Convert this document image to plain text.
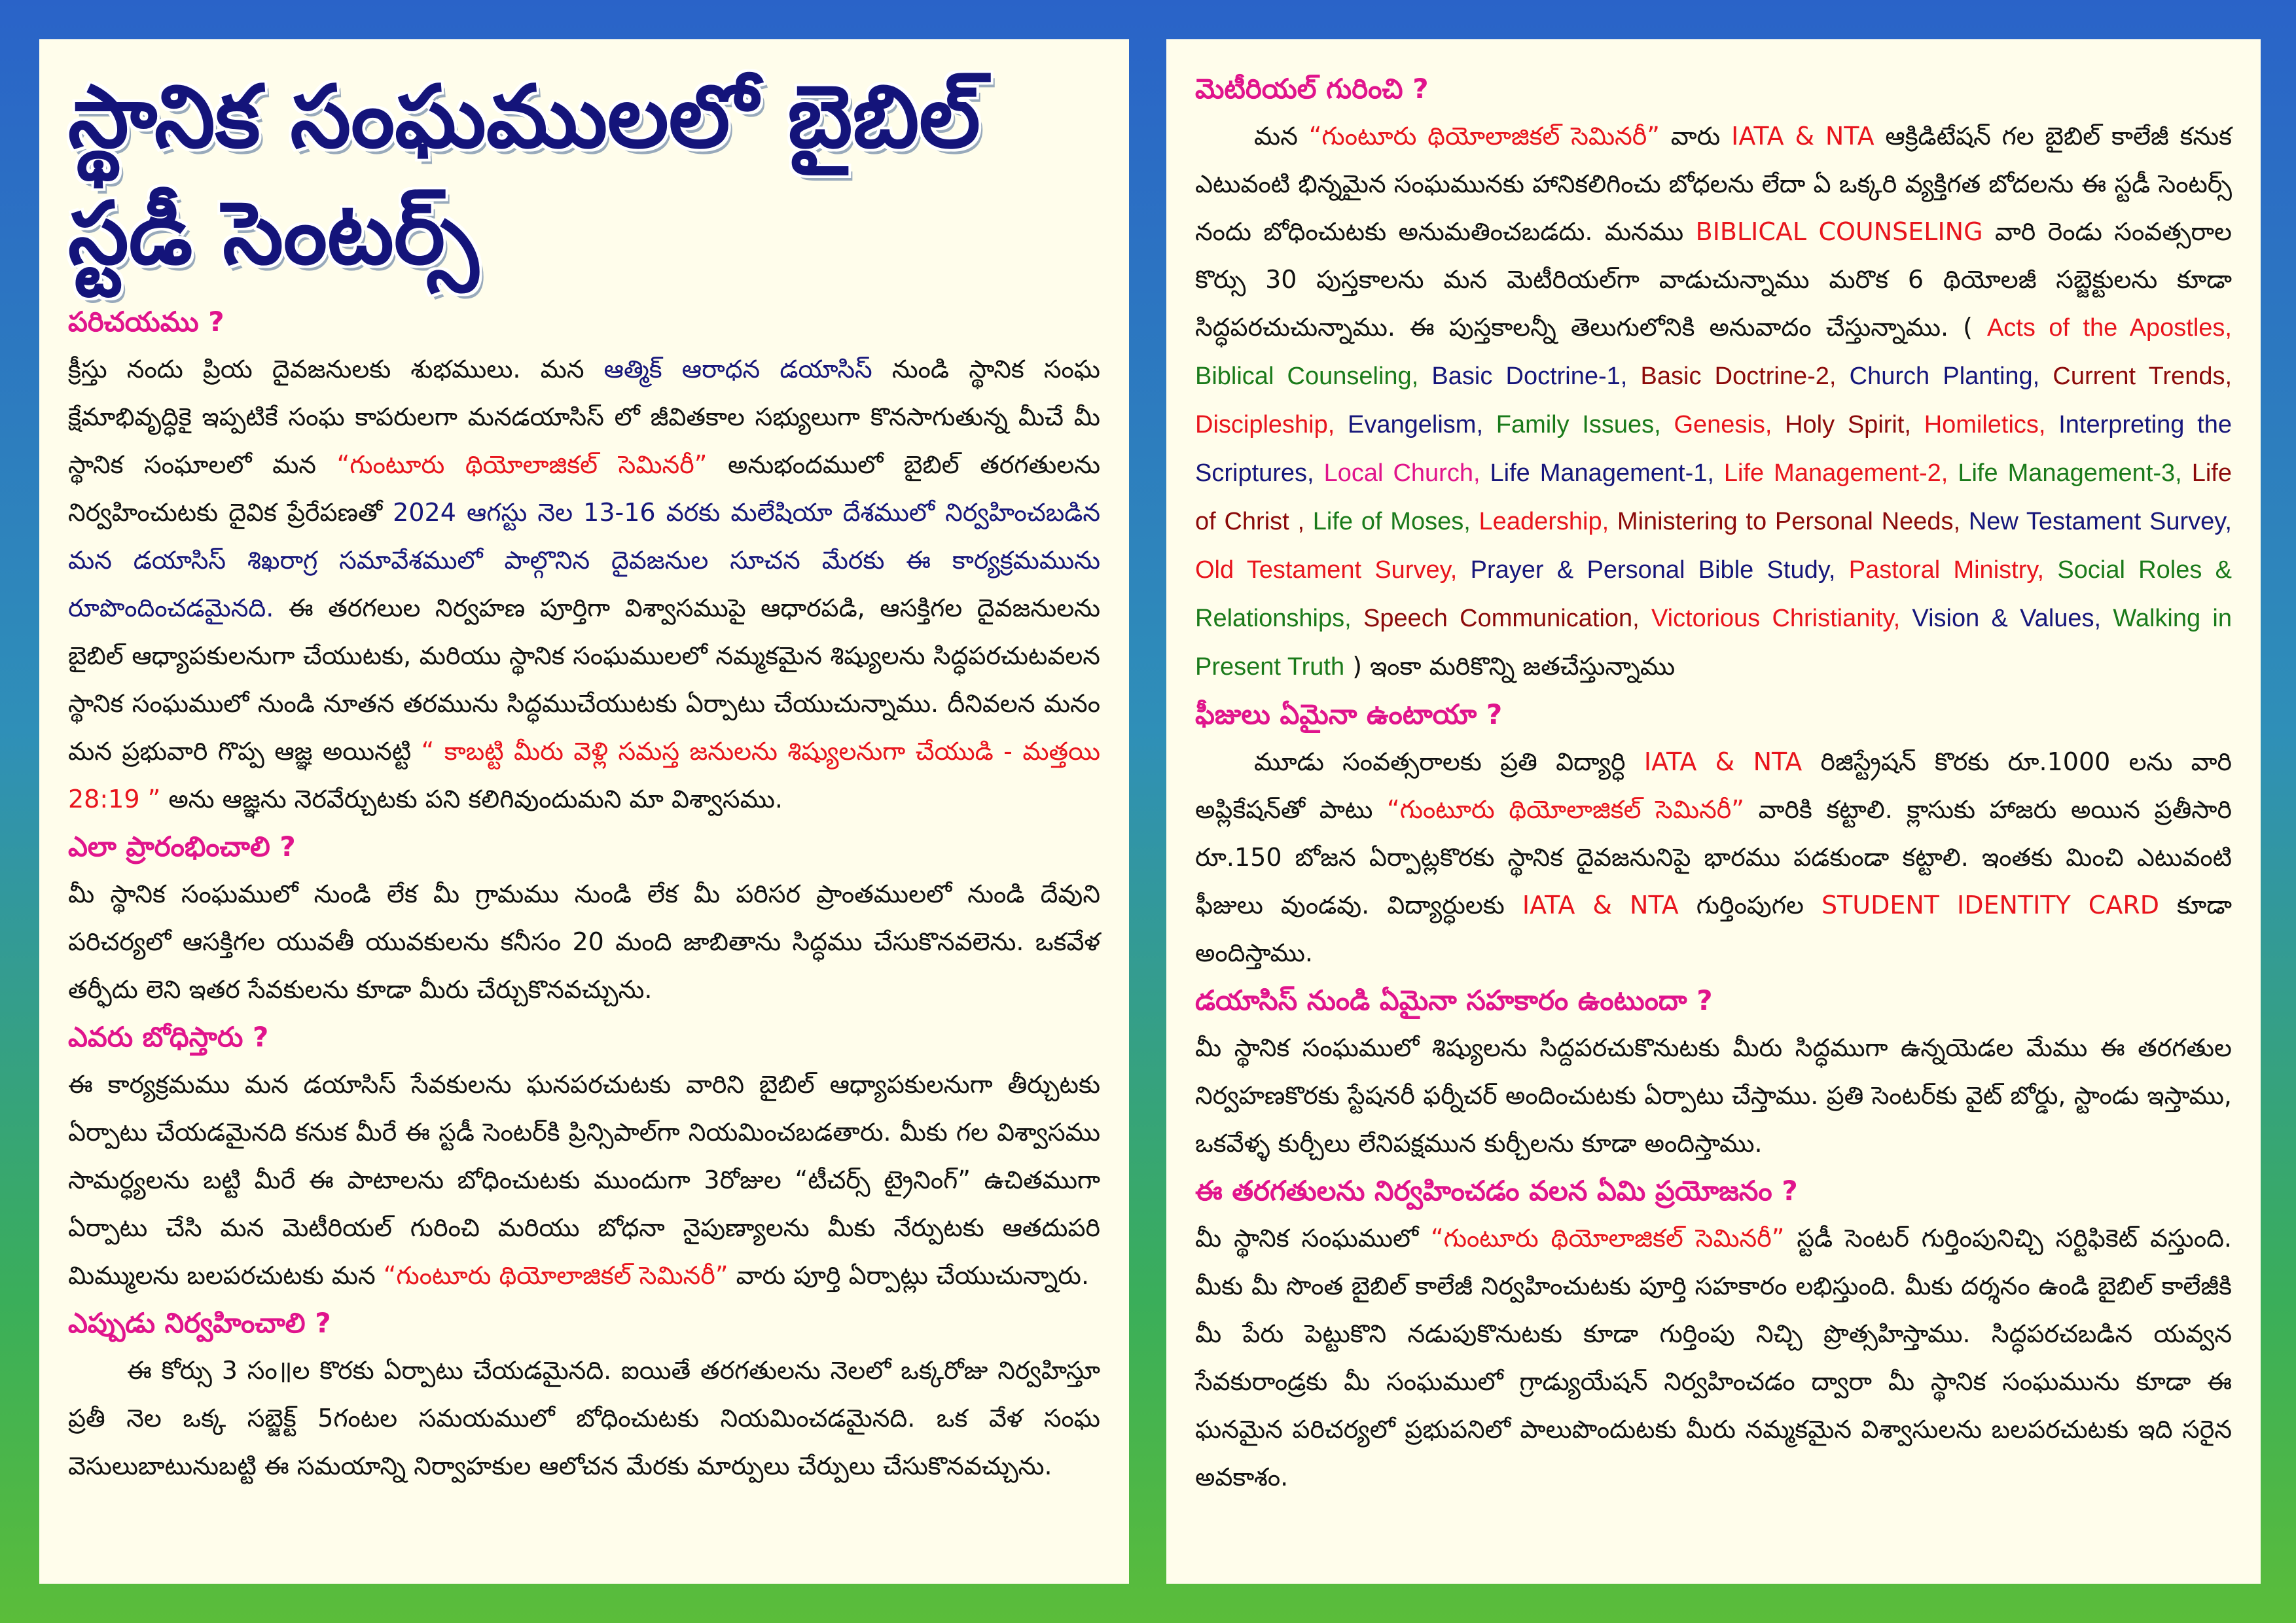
స్థానిక సంఘములలో బైబిల్ స్టడీ సెంటర్స్
పరిచయము ?
క్రీస్తు నందు ప్రియ దైవజనులకు శుభములు. మన ఆత్మిక్ ఆరాధన డయాసిస్ నుండి స్థానిక సంఘ క్షేమాభివృద్ధికై ఇప్పటికే సంఘ కాపరులగా మనడయాసిస్ లో జీవితకాల సభ్యులుగా కొనసాగుతున్న మీచే మీ స్థానిక సంఘాలలో మన “గుంటూరు థియోలాజికల్ సెమినరీ” అనుభందములో బైబిల్ తరగతులను నిర్వహించుటకు దైవిక ప్రేరేపణతో 2024 ఆగస్టు నెల 13-16 వరకు మలేషియా దేశములో నిర్వహించబడిన మన డయాసిస్ శిఖరాగ్ర సమావేశములో పాల్గొనిన దైవజనుల సూచన మేరకు ఈ కార్యక్రమమును రూపొందించడమైనది. ఈ తరగలుల నిర్వహణ పూర్తిగా విశ్వాసముపై ఆధారపడి, ఆసక్తిగల దైవజనులను బైబిల్ ఆధ్యాపకులనుగా చేయుటకు, మరియు స్థానిక సంఘములలో నమ్మకమైన శిష్యులను సిద్ధపరచుటవలన స్థానిక సంఘములో నుండి నూతన తరమును సిద్ధముచేయుటకు ఏర్పాటు చేయుచున్నాము. దీనివలన మనం మన ప్రభువారి గొప్ప ఆజ్ఞ అయినట్టి “ కాబట్టి మీరు వెళ్లి సమస్త జనులను శిష్యులనుగా చేయుడి - మత్తయి 28:19 ” అను ఆజ్ఞను నెరవేర్చుటకు పని కలిగివుందుమని మా విశ్వాసము.
ఎలా ప్రారంభించాలి ?
మీ స్థానిక సంఘములో నుండి లేక మీ గ్రామము నుండి లేక మీ పరిసర ప్రాంతములలో నుండి దేవుని పరిచర్యలో ఆసక్తిగల యువతీ యువకులను కనీసం 20 మంది జాబితాను సిద్ధము చేసుకొనవలెను. ఒకవేళ తర్ఫీదు లెని ఇతర సేవకులను కూడా మీరు చేర్చుకొనవచ్చును.
ఎవరు బోధిస్తారు ?
ఈ కార్యక్రమము మన డయాసిస్ సేవకులను ఘనపరచుటకు వారిని బైబిల్ ఆధ్యాపకులనుగా తీర్చుటకు ఏర్పాటు చేయడమైనది కనుక మీరే ఈ స్టడీ సెంటర్‌కి ప్రిన్సిపాల్‌గా నియమించబడతారు. మీకు గల విశ్వాసము సామర్ధ్యలను బట్టి మీరే ఈ పాటాలను బోధించుటకు ముందుగా 3రోజుల “టీచర్స్ ట్రైనింగ్” ఉచితముగా ఏర్పాటు చేసి మన మెటీరియల్ గురించి మరియు బోధనా నైపుణ్యాలను మీకు నేర్పుటకు ఆతదుపరి మిమ్ములను బలపరచుటకు మన “గుంటూరు థియోలాజికల్ సెమినరీ” వారు పూర్తి ఏర్పాట్లు చేయుచున్నారు.
ఎప్పుడు నిర్వహించాలి ?
ఈ కోర్సు 3 సం॥ల కొరకు ఏర్పాటు చేయడమైనది. ఐయితే తరగతులను నెలలో ఒక్కరోజు నిర్వహిస్తూ ప్రతీ నెల ఒక్క సబ్జెక్ట్ 5గంటల సమయములో బోధించుటకు నియమించడమైనది. ఒక వేళ సంఘ వెసులుబాటునుబట్టి ఈ సమయాన్ని నిర్వాహకుల ఆలోచన మేరకు మార్పులు చేర్పులు చేసుకొనవచ్చును.
మెటీరియల్ గురించి ?
మన “గుంటూరు థియోలాజికల్ సెమినరీ” వారు IATA & NTA ఆక్రిడిటేషన్ గల బైబిల్ కాలేజీ కనుక ఎటువంటి భిన్నమైన సంఘమునకు హానికలిగించు బోధలను లేదా ఏ ఒక్కరి వ్యక్తిగత బోదలను ఈ స్టడీ సెంటర్స్ నందు బోధించుటకు అనుమతించబడదు. మనము BIBLICAL COUNSELING వారి రెండు సంవత్సరాల కొర్సు 30 పుస్తకాలను మన మెటీరియల్‌గా వాడుచున్నాము మరొక 6 థియోలజీ సబ్జెక్టులను కూడా సిద్ధపరచుచున్నాము. ఈ పుస్తకాలన్నీ తెలుగులోనికి అనువాదం చేస్తున్నాము. ( Acts of the Apostles, Biblical Counseling, Basic Doctrine-1, Basic Doctrine-2, Church Planting, Current Trends, Discipleship, Evangelism, Family Issues, Genesis, Holy Spirit, Homiletics, Interpreting the Scriptures, Local Church, Life Management-1, Life Management-2, Life Management-3, Life of Christ , Life of Moses, Leadership, Ministering to Personal Needs, New Testament Survey, Old Testament Survey, Prayer & Personal Bible Study, Pastoral Ministry, Social Roles & Relationships, Speech Communication, Victorious Christianity, Vision & Values, Walking in Present Truth ) ఇంకా మరికొన్ని జతచేస్తున్నాము
ఫీజులు ఏమైనా ఉంటాయా ?
మూడు సంవత్సరాలకు ప్రతి విద్యార్ధి IATA & NTA రిజిస్ట్రేషన్ కొరకు రూ.1000 లను వారి అప్లికేషన్‌తో పాటు “గుంటూరు థియోలాజికల్ సెమినరీ” వారికి కట్టాలి. క్లాసుకు హాజరు అయిన ప్రతీసారి రూ.150 బోజన ఏర్పాట్లకొరకు స్థానిక దైవజనునిపై భారము పడకుండా కట్టాలి. ఇంతకు మించి ఎటువంటి ఫీజులు వుండవు. విద్యార్ధులకు IATA & NTA గుర్తింపుగల STUDENT IDENTITY CARD కూడా అందిస్తాము.
డయాసిస్ నుండి ఏమైనా సహకారం ఉంటుందా ?
మీ స్థానిక సంఘములో శిష్యులను సిద్దపరచుకొనుటకు మీరు సిద్ధముగా ఉన్నయెడల మేము ఈ తరగతుల నిర్వహణకొరకు స్టేషనరీ ఫర్నీచర్ అందించుటకు ఏర్పాటు చేస్తాము. ప్రతి సెంటర్‌కు వైట్ బోర్డు, స్టాండు ఇస్తాము, ఒకవేళ్ళ కుర్చీలు లేనిపక్షమున కుర్చీలను కూడా అందిస్తాము.
ఈ తరగతులను నిర్వహించడం వలన ఏమి ప్రయోజనం ?
మీ స్థానిక సంఘములో “గుంటూరు థియోలాజికల్ సెమినరీ” స్టడీ సెంటర్ గుర్తింపునిచ్చి సర్టిఫికెట్ వస్తుంది. మీకు మీ సొంత బైబిల్ కాలేజీ నిర్వహించుటకు పూర్తి సహకారం లభిస్తుంది. మీకు దర్శనం ఉండి బైబిల్ కాలేజీకి మీ పేరు పెట్టుకొని నడుపుకొనుటకు కూడా గుర్తింపు నిచ్చి ప్రొత్సహిస్తాము. సిద్ధపరచబడిన యవ్వన సేవకురాండ్రకు మీ సంఘములో గ్రాడ్యుయేషన్ నిర్వహించడం ద్వారా మీ స్థానిక సంఘమును కూడా ఈ ఘనమైన పరిచర్యలో ప్రభుపనిలో పాలుపొందుటకు మీరు నమ్మకమైన విశ్వాసులను బలపరచుటకు ఇది సరైన అవకాశం.
